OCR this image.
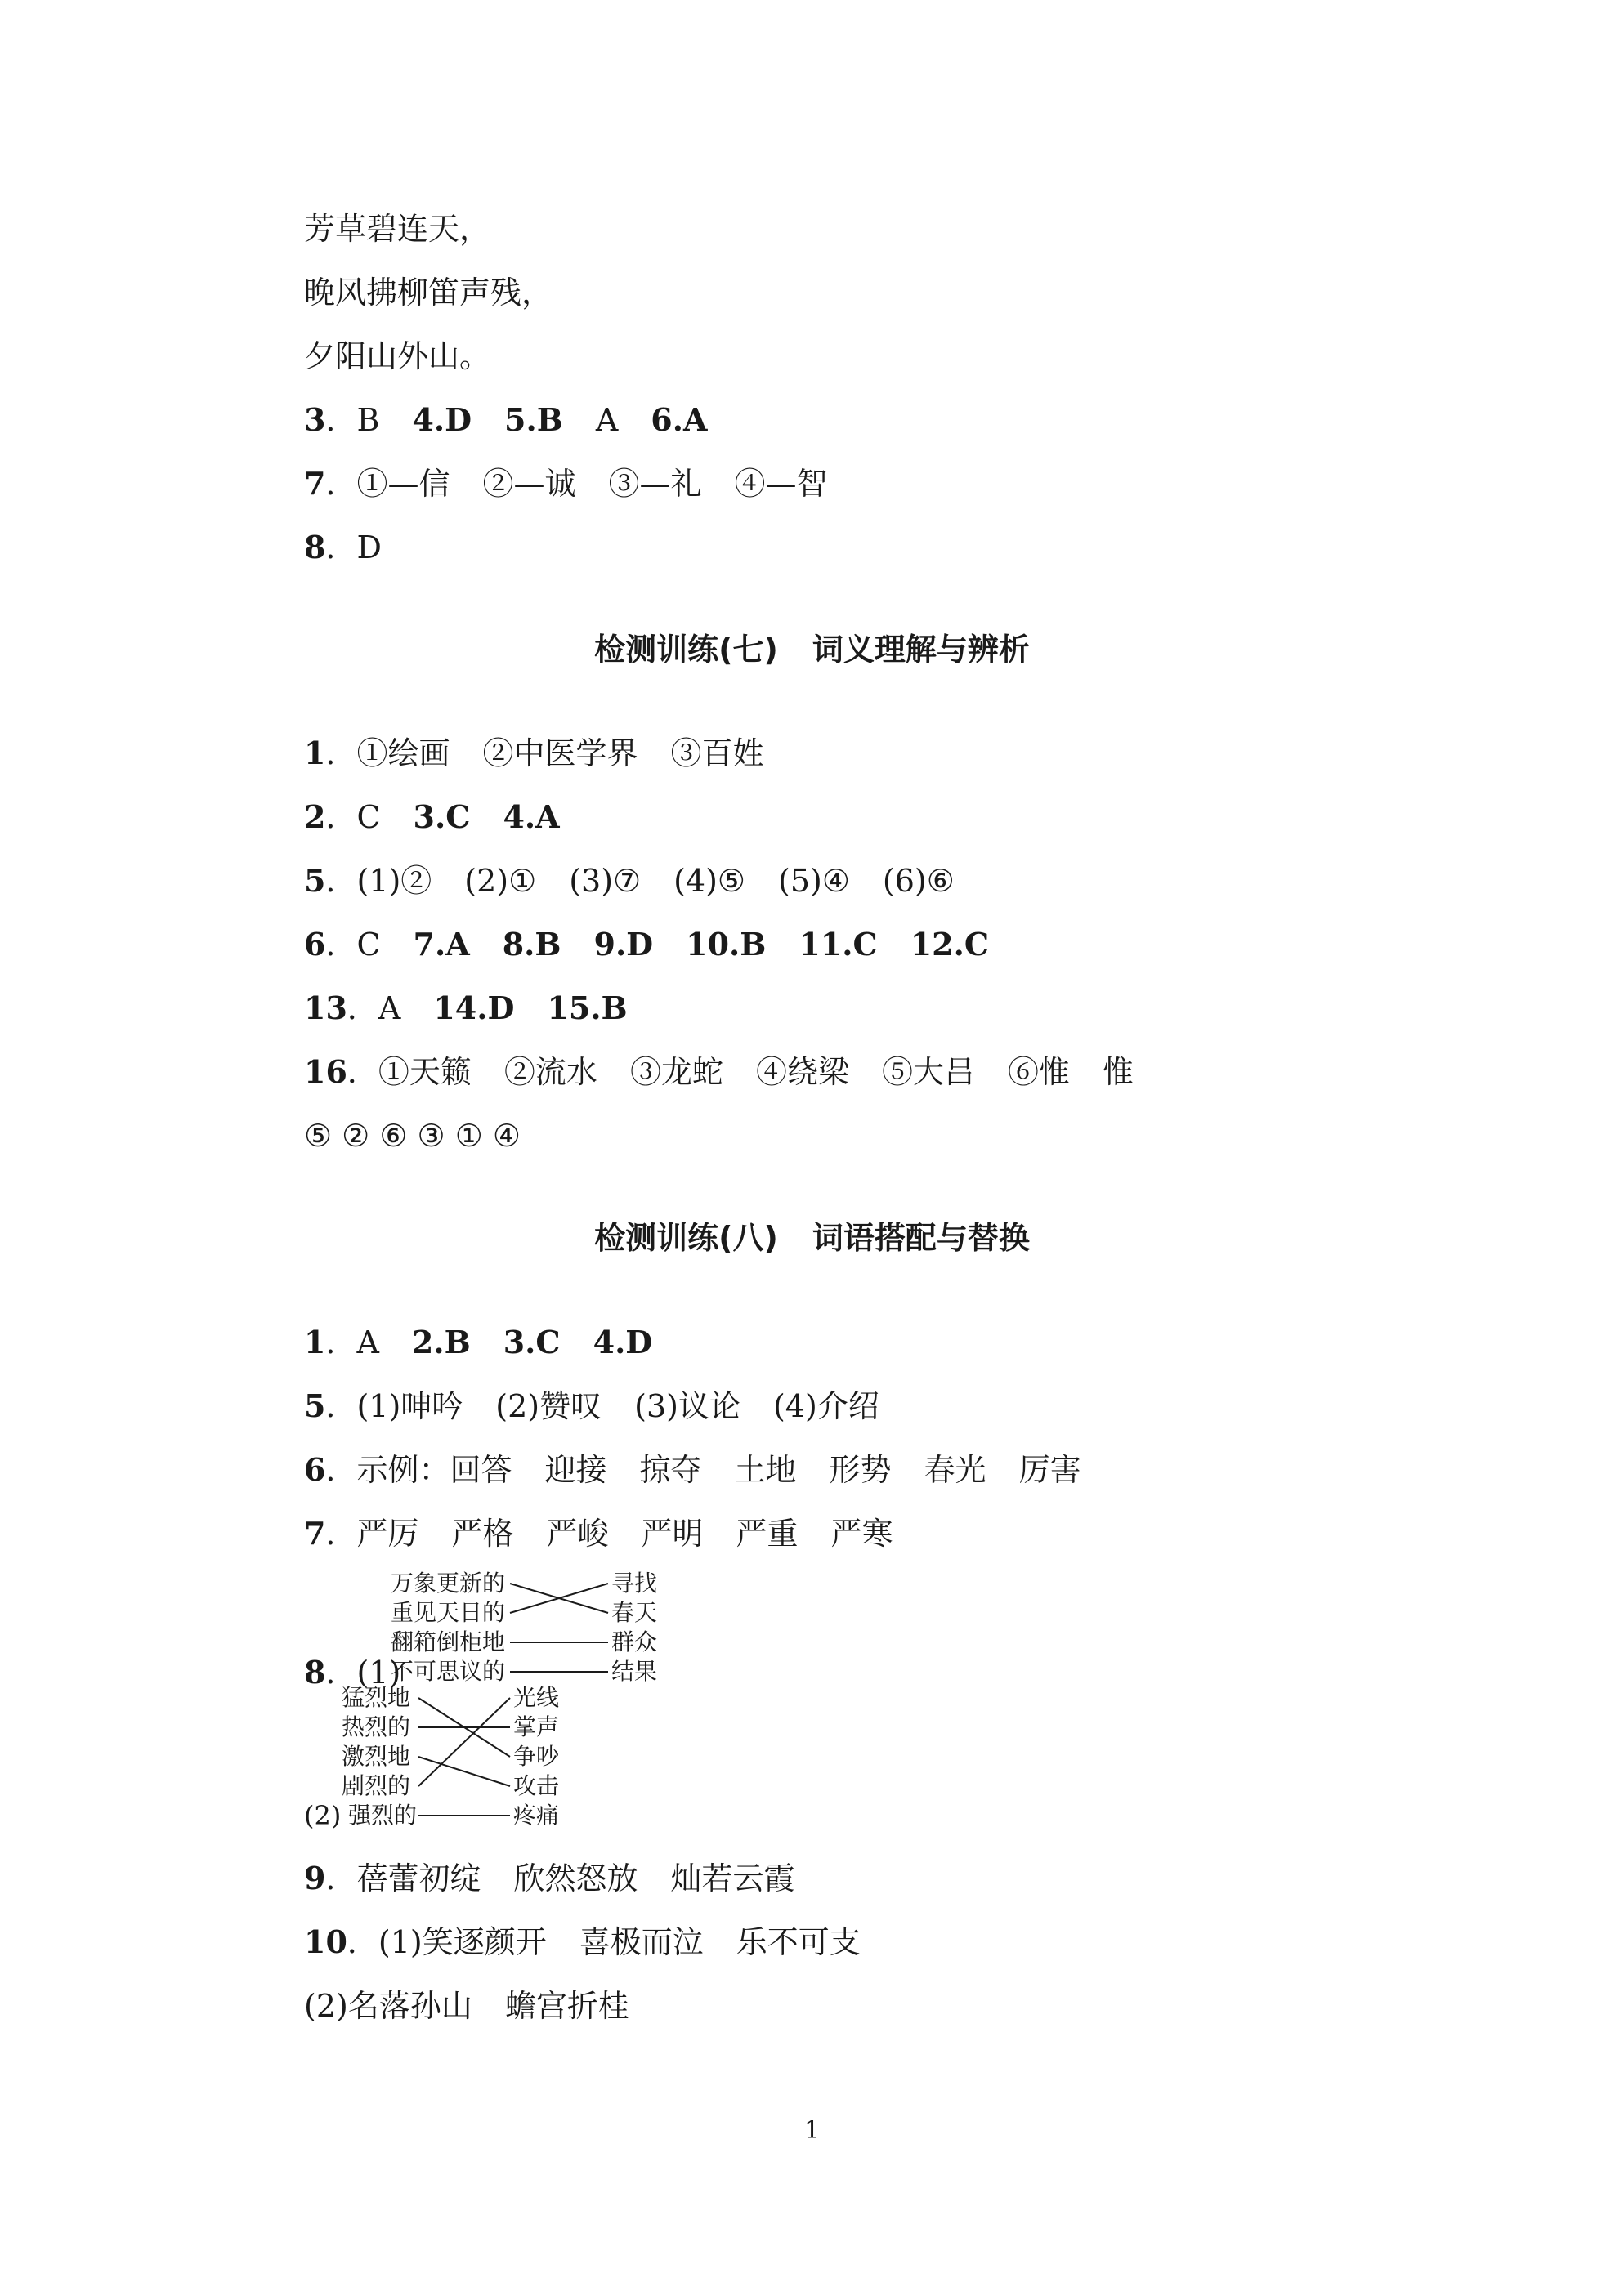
芳草碧连天，
晚风拂柳笛声残，
夕阳山外山。
3．B 4.D 5.B A 6.A
7．①—信 ②—诚 ③—礼 ④—智
8．D
检测训练(七) 词义理解与辨析
1．①绘画 ②中医学界 ③百姓
2．C 3.C 4.A
5．(1)② (2)① (3)⑦ (4)⑤ (5)④ (6)⑥
6．C 7.A 8.B 9.D 10.B 11.C 12.C
13．A 14.D 15.B
16．①天籁 ②流水 ③龙蛇 ④绕梁 ⑤大吕 ⑥惟 惟
⑤ ② ⑥ ③ ① ④
检测训练(八) 词语搭配与替换
1．A 2.B 3.C 4.D
5．(1)呻吟 (2)赞叹 (3)议论 (4)介绍
6．示例：回答 迎接 掠夺 土地 形势 春光 厉害
7．严厉 严格 严峻 严明 严重 严寒
8．(1)
万象更新的
重见天日的
翻箱倒柜地
不可思议的
寻找
春天
群众
结果
猛烈地
热烈的
激烈地
剧烈的
(2) 强烈的
光线
掌声
争吵
攻击
疼痛
9．蓓蕾初绽 欣然怒放 灿若云霞
10．(1)笑逐颜开 喜极而泣 乐不可支
(2)名落孙山 蟾宫折桂
1
